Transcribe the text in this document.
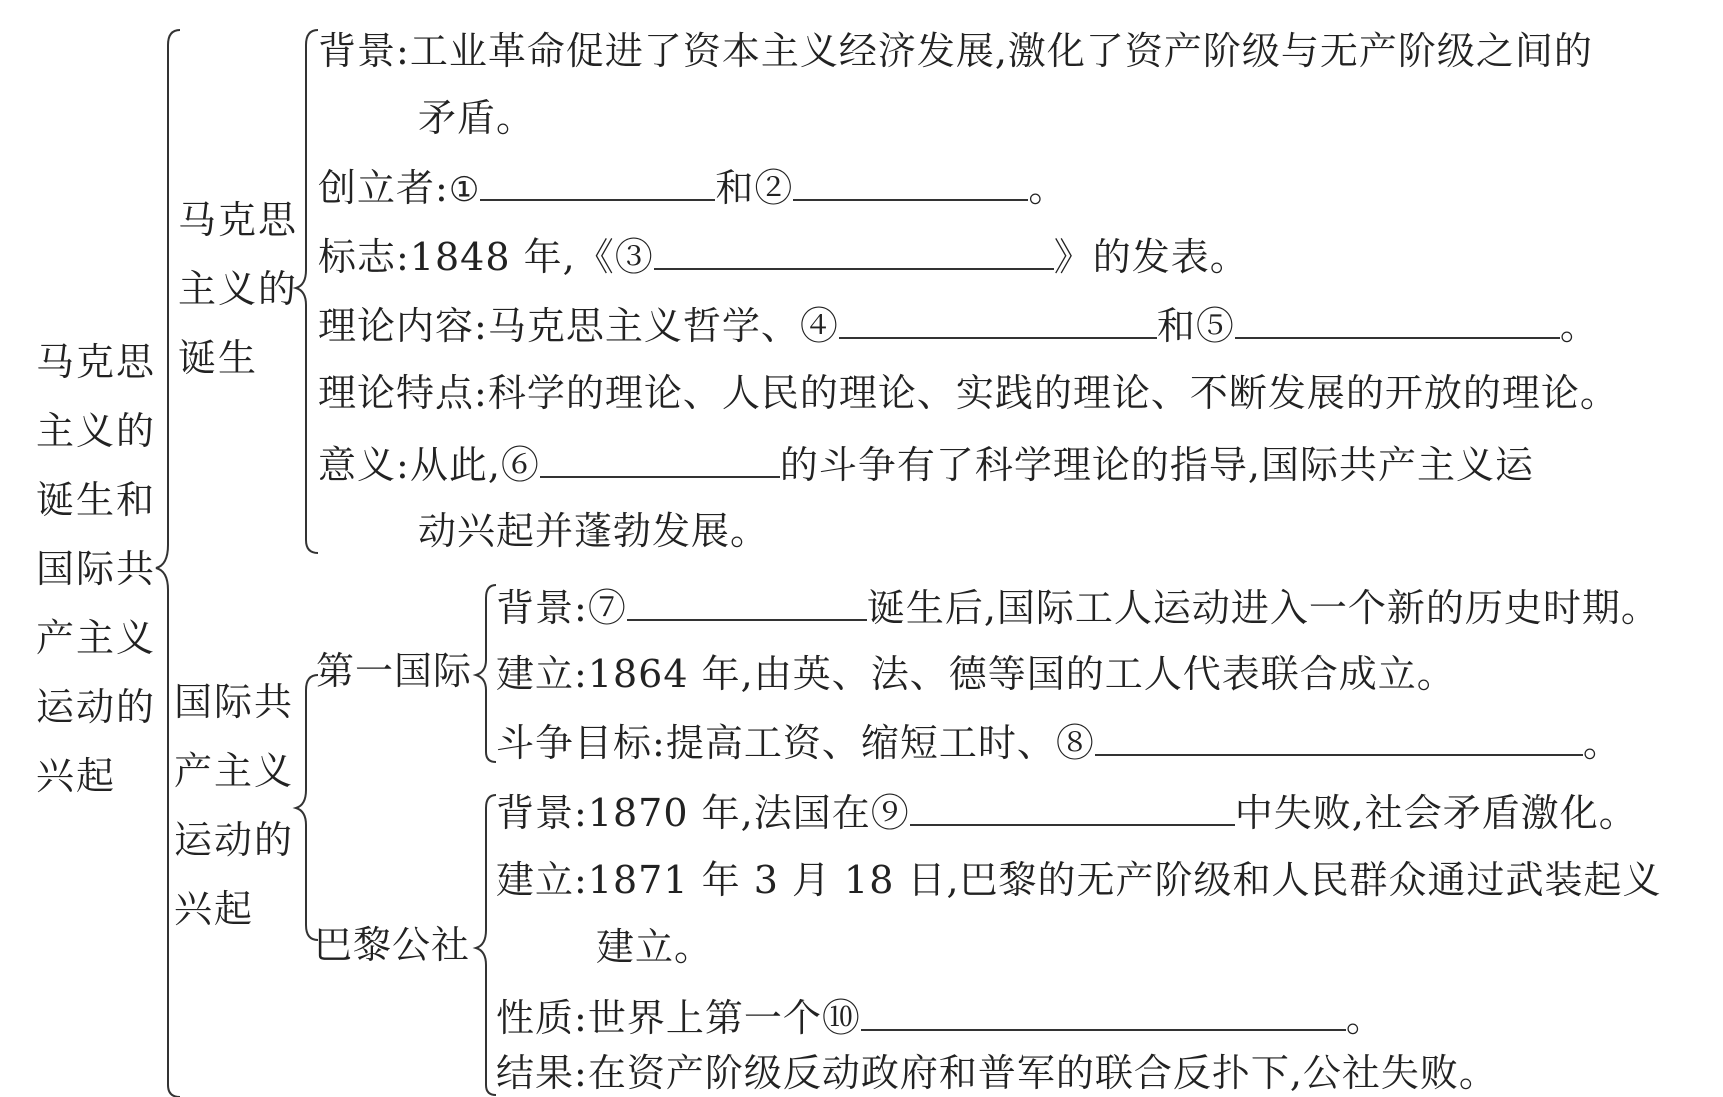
马克思
主义的
诞生和
国际共
产主义
运动的
兴起
马克思
主义的
诞生
背景:工业革命促进了资本主义经济发展,激化了资产阶级与无产阶级之间的
矛盾。
创立者:①	和②	。
标志:1848 年,《③	》的发表。
理论内容:马克思主义哲学、④	和⑤	。
理论特点:科学的理论、人民的理论、实践的理论、不断发展的开放的理论。
意义:从此,⑥	的斗争有了科学理论的指导,国际共产主义运
动兴起并蓬勃发展。
国际共
产主义
运动的
兴起
第一国际
背景:⑦	诞生后,国际工人运动进入一个新的历史时期。
建立:1864 年,由英、法、德等国的工人代表联合成立。
斗争目标:提高工资、缩短工时、⑧	。
巴黎公社
背景:1870 年,法国在⑨	中失败,社会矛盾激化。
建立:1871 年 3 月 18 日,巴黎的无产阶级和人民群众通过武装起义
建立。
性质:世界上第一个⑩	。
结果:在资产阶级反动政府和普军的联合反扑下,公社失败。
